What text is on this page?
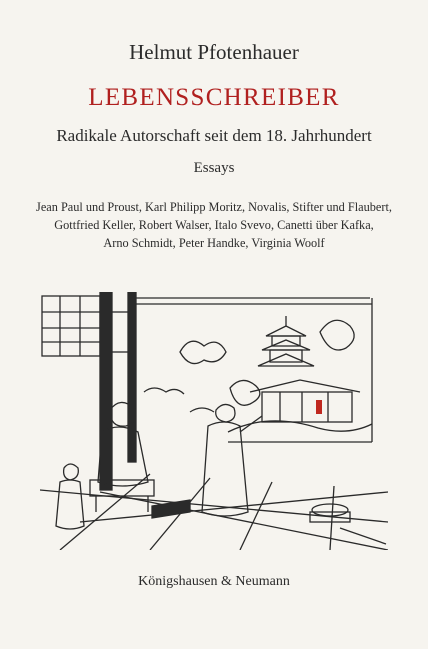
Helmut Pfotenhauer
LEBENSSCHREIBER
Radikale Autorschaft seit dem 18. Jahrhundert
Essays
Jean Paul und Proust, Karl Philipp Moritz, Novalis, Stifter und Flaubert,
Gottfried Keller, Robert Walser, Italo Svevo, Canetti über Kafka,
Arno Schmidt, Peter Handke, Virginia Woolf
Königshausen & Neumann
